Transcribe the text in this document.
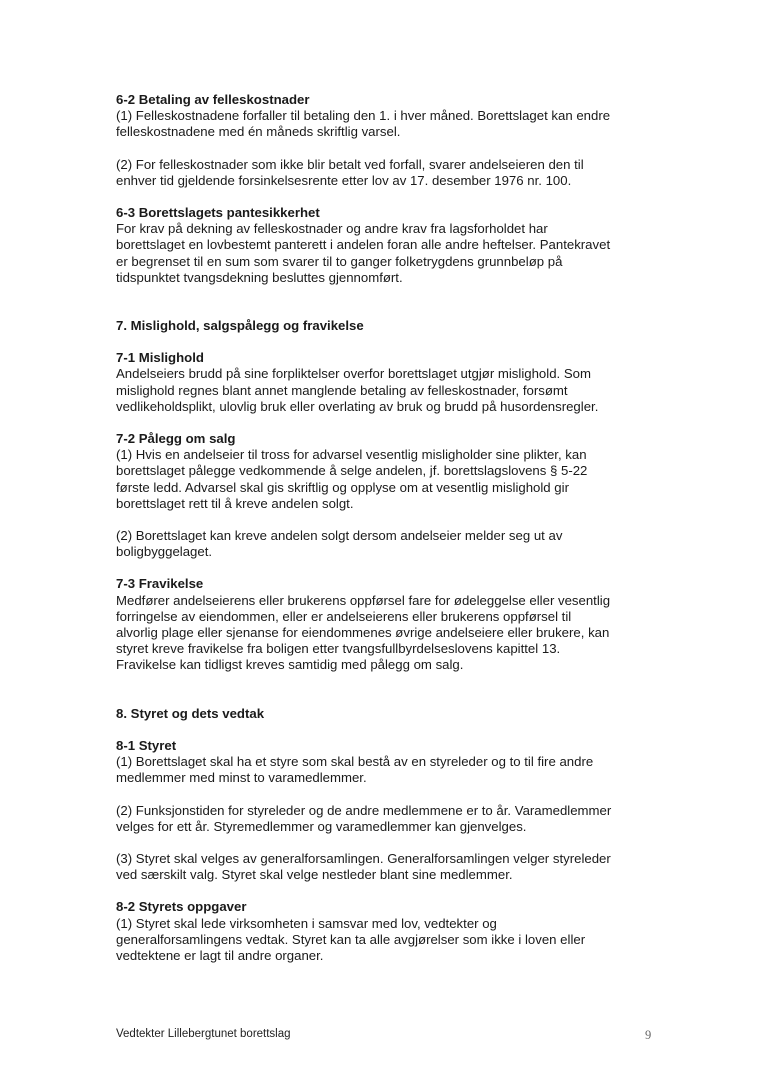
6-2 Betaling av felleskostnader

(1) Felleskostnadene forfaller til betaling den 1. i hver måned. Borettslaget kan endre
felleskostnadene med én måneds skriftlig varsel.

(2) For felleskostnader som ikke blir betalt ved forfall, svarer andelseieren den til
enhver tid gjeldende forsinkelsesrente etter lov av 17. desember 1976 nr. 100.

6-3 Borettslagets pantesikkerhet

For krav på dekning av felleskostnader og andre krav fra lagsforholdet har
borettslaget en lovbestemt panterett i andelen foran alle andre heftelser. Pantekravet
er begrenset til en sum som svarer til to ganger folketrygdens grunnbeløp på
tidspunktet tvangsdekning besluttes gjennomført.

7. Mislighold, salgspålegg og fravikelse

7-1 Mislighold

Andelseiers brudd på sine forpliktelser overfor borettslaget utgjør mislighold. Som
mislighold regnes blant annet manglende betaling av felleskostnader, forsømt
vedlikeholdsplikt, ulovlig bruk eller overlating av bruk og brudd på husordensregler.

7-2 Pålegg om salg

(1) Hvis en andelseier til tross for advarsel vesentlig misligholder sine plikter, kan
borettslaget pålegge vedkommende å selge andelen, jf. borettslagslovens § 5-22
første ledd. Advarsel skal gis skriftlig og opplyse om at vesentlig mislighold gir
borettslaget rett til å kreve andelen solgt.

(2) Borettslaget kan kreve andelen solgt dersom andelseier melder seg ut av
boligbyggelaget.

7-3 Fravikelse

Medfører andelseierens eller brukerens oppførsel fare for ødeleggelse eller vesentlig
forringelse av eiendommen, eller er andelseierens eller brukerens oppførsel til
alvorlig plage eller sjenanse for eiendommenes øvrige andelseiere eller brukere, kan
styret kreve fravikelse fra boligen etter tvangsfullbyrdelseslovens kapittel 13.
Fravikelse kan tidligst kreves samtidig med pålegg om salg.

8. Styret og dets vedtak

8-1 Styret

(1) Borettslaget skal ha et styre som skal bestå av en styreleder og to til fire andre
medlemmer med minst to varamedlemmer.

(2) Funksjonstiden for styreleder og de andre medlemmene er to år. Varamedlemmer
velges for ett år. Styremedlemmer og varamedlemmer kan gjenvelges.

(3) Styret skal velges av generalforsamlingen. Generalforsamlingen velger styreleder
ved særskilt valg. Styret skal velge nestleder blant sine medlemmer.

8-2 Styrets oppgaver

(1) Styret skal lede virksomheten i samsvar med lov, vedtekter og
generalforsamlingens vedtak. Styret kan ta alle avgjørelser som ikke i loven eller
vedtektene er lagt til andre organer.

Vedtekter Lillebergtunet borettslag	9
